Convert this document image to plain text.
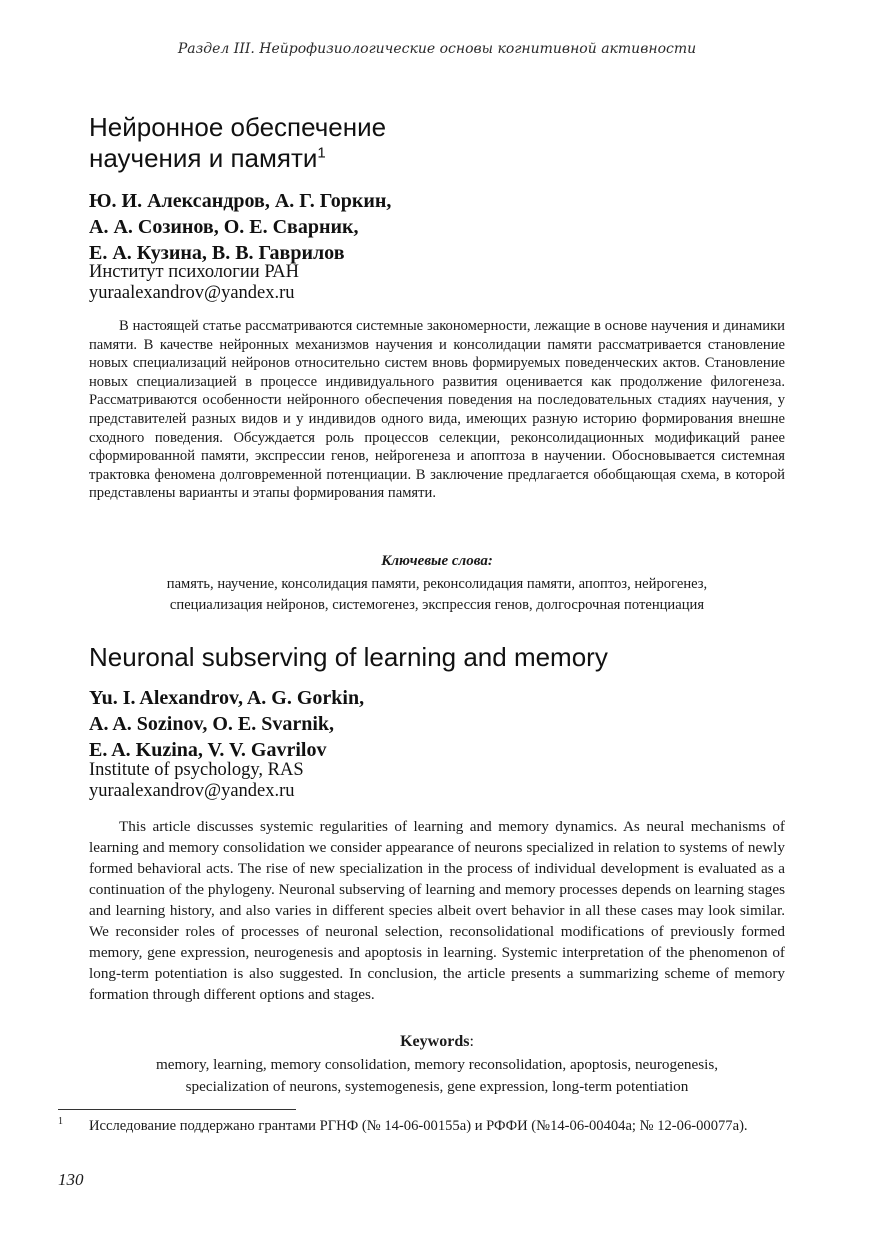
Раздел III. Нейрофизиологические основы когнитивной активности
Нейронное обеспечение
научения и памяти$^1$
Ю. И. Александров, А. Г. Горкин,
А. А. Созинов, О. Е. Сварник,
Е. А. Кузина, В. В. Гаврилов
Институт психологии РАН
yuraalexandrov@yandex.ru

В настоящей статье рассматриваются системные закономерности, лежащие в основе научения и динамики памяти. В качестве нейронных механизмов научения и консолидации памяти рассматривается становление новых специализаций нейронов относительно систем вновь формируемых поведенческих актов. Становление новых специализацией в процессе индивидуального развития оценивается как продолжение филогенеза. Рассматриваются особенности нейронного обеспечения поведения на последовательных стадиях научения, у представителей разных видов и у индивидов одного вида, имеющих разную историю формирования внешне сходного поведения. Обсуждается роль процессов селекции, реконсолидационных модификаций ранее сформированной памяти, экспрессии генов, нейрогенеза и апоптоза в научении. Обосновывается системная трактовка феномена долговременной потенциации. В заключение предлагается обобщающая схема, в которой представлены варианты и этапы формирования памяти.

Ключевые слова:
память, научение, консолидация памяти, реконсолидация памяти, апоптоз, нейрогенез,
специализация нейронов, системогенез, экспрессия генов, долгосрочная потенциация
Neuronal subserving of learning and memory
Yu. I. Alexandrov, A. G. Gorkin,
A. A. Sozinov, O. E. Svarnik,
E. A. Kuzina, V. V. Gavrilov
Institute of psychology, RAS
yuraalexandrov@yandex.ru

This article discusses systemic regularities of learning and memory dynamics. As neural mechanisms of learning and memory consolidation we consider appearance of neurons specialized in relation to systems of newly formed behavioral acts. The rise of new specialization in the process of individual development is evaluated as a continuation of the phylogeny. Neuronal subserving of learning and memory processes depends on learning stages and learning history, and also varies in different species albeit overt behavior in all these cases may look similar. We reconsider roles of processes of neuronal selection, reconsolidational modifications of previously formed memory, gene expression, neurogenesis and apoptosis in learning. Systemic interpretation of the phenomenon of long-term potentiation is also suggested. In conclusion, the article presents a summarizing scheme of memory formation through different options and stages.

Keywords:
memory, learning, memory consolidation, memory reconsolidation, apoptosis, neurogenesis,
specialization of neurons, systemogenesis, gene expression, long-term potentiation
1 Исследование поддержано грантами РГНФ (№ 14-06-00155а) и РФФИ (№14-06-00404а; № 12-06-00077а).
130
